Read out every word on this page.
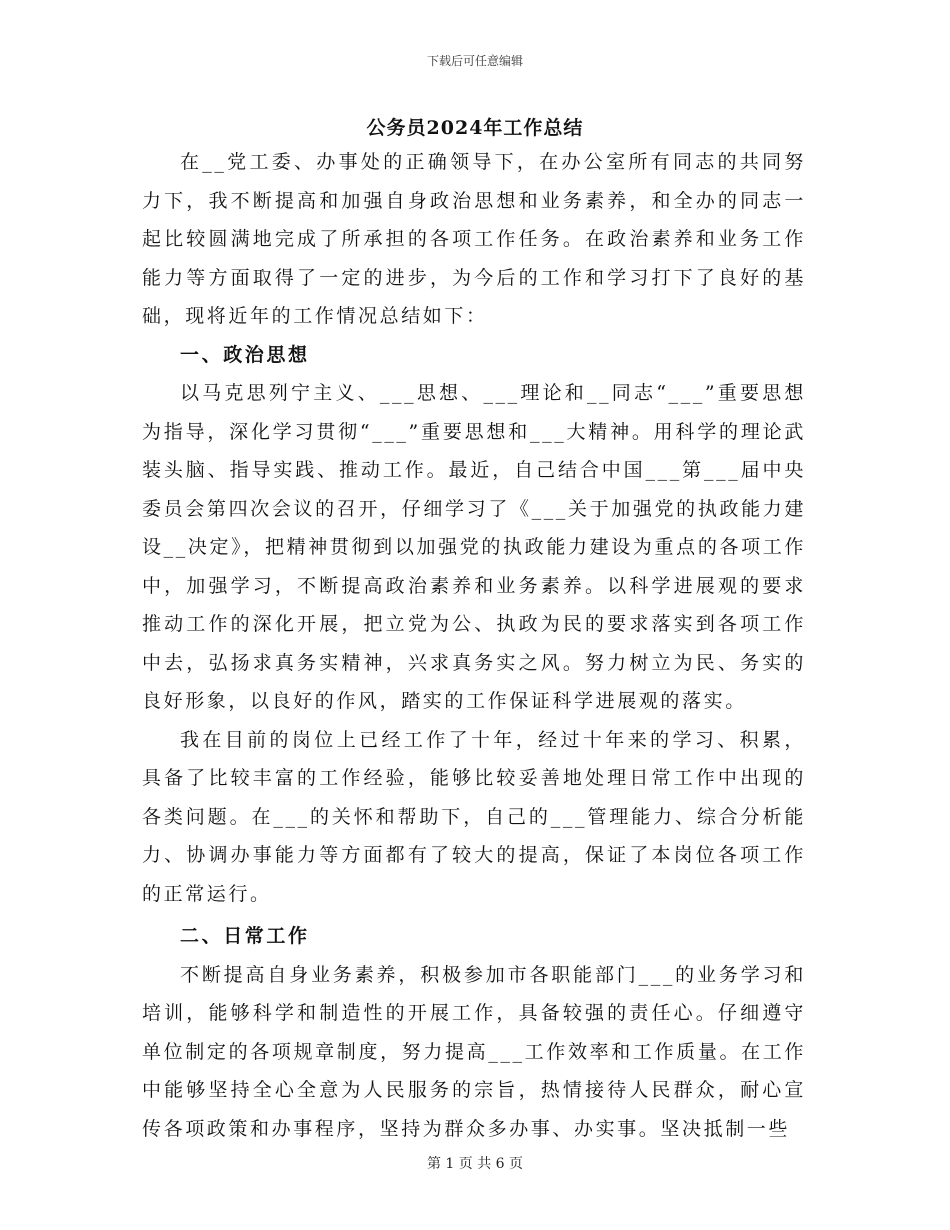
下载后可任意编辑
公务员2024年工作总结

在__党工委、办事处的正确领导下，在办公室所有同志的共同努力下，我不断提高和加强自身政治思想和业务素养，和全办的同志一起比较圆满地完成了所承担的各项工作任务。在政治素养和业务工作能力等方面取得了一定的进步，为今后的工作和学习打下了良好的基础，现将近年的工作情况总结如下：

一、政治思想

以马克思列宁主义、___思想、___理论和__同志“___”重要思想为指导，深化学习贯彻“___”重要思想和___大精神。用科学的理论武装头脑、指导实践、推动工作。最近，自己结合中国___第___届中央委员会第四次会议的召开，仔细学习了《___关于加强党的执政能力建设__决定》，把精神贯彻到以加强党的执政能力建设为重点的各项工作中，加强学习，不断提高政治素养和业务素养。以科学进展观的要求推动工作的深化开展，把立党为公、执政为民的要求落实到各项工作中去，弘扬求真务实精神，兴求真务实之风。努力树立为民、务实的良好形象，以良好的作风，踏实的工作保证科学进展观的落实。

我在目前的岗位上已经工作了十年，经过十年来的学习、积累，具备了比较丰富的工作经验，能够比较妥善地处理日常工作中出现的各类问题。在___的关怀和帮助下，自己的___管理能力、综合分析能力、协调办事能力等方面都有了较大的提高，保证了本岗位各项工作的正常运行。

二、日常工作

不断提高自身业务素养，积极参加市各职能部门___的业务学习和培训，能够科学和制造性的开展工作，具备较强的责任心。仔细遵守单位制定的各项规章制度，努力提高___工作效率和工作质量。在工作中能够坚持全心全意为人民服务的宗旨，热情接待人民群众，耐心宣传各项政策和办事程序，坚持为群众多办事、办实事。坚决抵制一些

第 1 页 共 6 页
